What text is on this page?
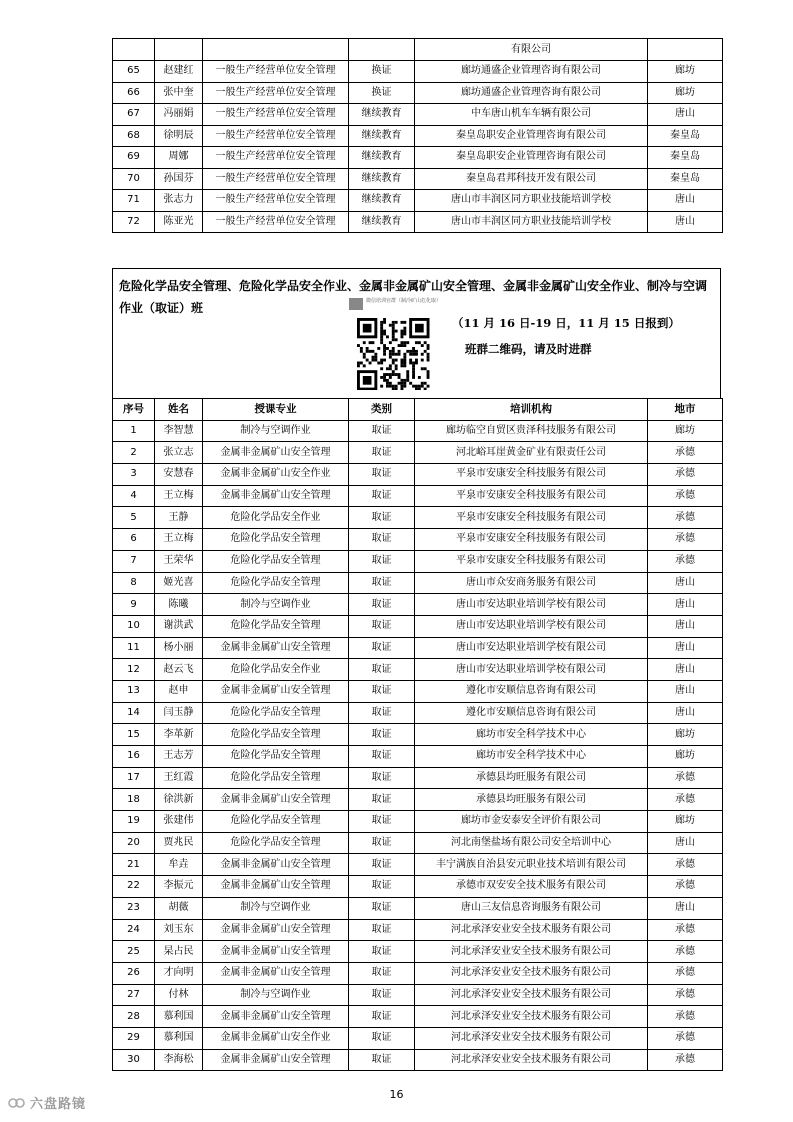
				有限公司	
65	赵建红	一般生产经营单位安全管理	换证	廊坊通盛企业管理咨询有限公司	廊坊
66	张中奎	一般生产经营单位安全管理	换证	廊坊通盛企业管理咨询有限公司	廊坊
67	冯丽娟	一般生产经营单位安全管理	继续教育	中车唐山机车车辆有限公司	唐山
68	徐明辰	一般生产经营单位安全管理	继续教育	秦皇岛职安企业管理咨询有限公司	秦皇岛
69	周娜	一般生产经营单位安全管理	继续教育	秦皇岛职安企业管理咨询有限公司	秦皇岛
70	孙国芬	一般生产经营单位安全管理	继续教育	秦皇岛君邦科技开发有限公司	秦皇岛
71	张志力	一般生产经营单位安全管理	继续教育	唐山市丰润区同方职业技能培训学校	唐山
72	陈亚光	一般生产经营单位安全管理	继续教育	唐山市丰润区同方职业技能培训学校	唐山
危险化学品安全管理、危险化学品安全作业、金属非金属矿山安全管理、金属非金属矿山安全作业、制冷与空调作业（取证）班	微信培训官群（制冷矿山危化取）
（11 月 16 日-19 日，11 月 15 日报到）
班群二维码，请及时进群
序号	姓名	授课专业	类别	培训机构	地市
1	李智慧	制冷与空调作业	取证	廊坊临空自贸区贵泽科技服务有限公司	廊坊
2	张立志	金属非金属矿山安全管理	取证	河北峪耳崖黄金矿业有限责任公司	承德
3	安慧春	金属非金属矿山安全作业	取证	平泉市安康安全科技服务有限公司	承德
4	王立梅	金属非金属矿山安全管理	取证	平泉市安康安全科技服务有限公司	承德
5	王静	危险化学品安全作业	取证	平泉市安康安全科技服务有限公司	承德
6	王立梅	危险化学品安全管理	取证	平泉市安康安全科技服务有限公司	承德
7	王荣华	危险化学品安全管理	取证	平泉市安康安全科技服务有限公司	承德
8	姬光喜	危险化学品安全管理	取证	唐山市众安商务服务有限公司	唐山
9	陈曦	制冷与空调作业	取证	唐山市安达职业培训学校有限公司	唐山
10	谢洪武	危险化学品安全管理	取证	唐山市安达职业培训学校有限公司	唐山
11	杨小丽	金属非金属矿山安全管理	取证	唐山市安达职业培训学校有限公司	唐山
12	赵云飞	危险化学品安全作业	取证	唐山市安达职业培训学校有限公司	唐山
13	赵申	金属非金属矿山安全管理	取证	遵化市安顺信息咨询有限公司	唐山
14	闫玉静	危险化学品安全管理	取证	遵化市安顺信息咨询有限公司	唐山
15	李革新	危险化学品安全管理	取证	廊坊市安全科学技术中心	廊坊
16	王志芳	危险化学品安全管理	取证	廊坊市安全科学技术中心	廊坊
17	王红霞	危险化学品安全管理	取证	承德县均旺服务有限公司	承德
18	徐洪新	金属非金属矿山安全管理	取证	承德县均旺服务有限公司	承德
19	张建伟	危险化学品安全管理	取证	廊坊市金安泰安全评价有限公司	廊坊
20	贾兆民	危险化学品安全管理	取证	河北南堡盐场有限公司安全培训中心	唐山
21	牟垚	金属非金属矿山安全管理	取证	丰宁满族自治县安元职业技术培训有限公司	承德
22	李振元	金属非金属矿山安全管理	取证	承德市双安安全技术服务有限公司	承德
23	胡薇	制冷与空调作业	取证	唐山三友信息咨询服务有限公司	唐山
24	刘玉东	金属非金属矿山安全管理	取证	河北承泽安业安全技术服务有限公司	承德
25	杲占民	金属非金属矿山安全管理	取证	河北承泽安业安全技术服务有限公司	承德
26	才向明	金属非金属矿山安全管理	取证	河北承泽安业安全技术服务有限公司	承德
27	付林	制冷与空调作业	取证	河北承泽安业安全技术服务有限公司	承德
28	慕利国	金属非金属矿山安全管理	取证	河北承泽安业安全技术服务有限公司	承德
29	慕利国	金属非金属矿山安全作业	取证	河北承泽安业安全技术服务有限公司	承德
30	李海松	金属非金属矿山安全管理	取证	河北承泽安业安全技术服务有限公司	承德
16
六盘路镜
